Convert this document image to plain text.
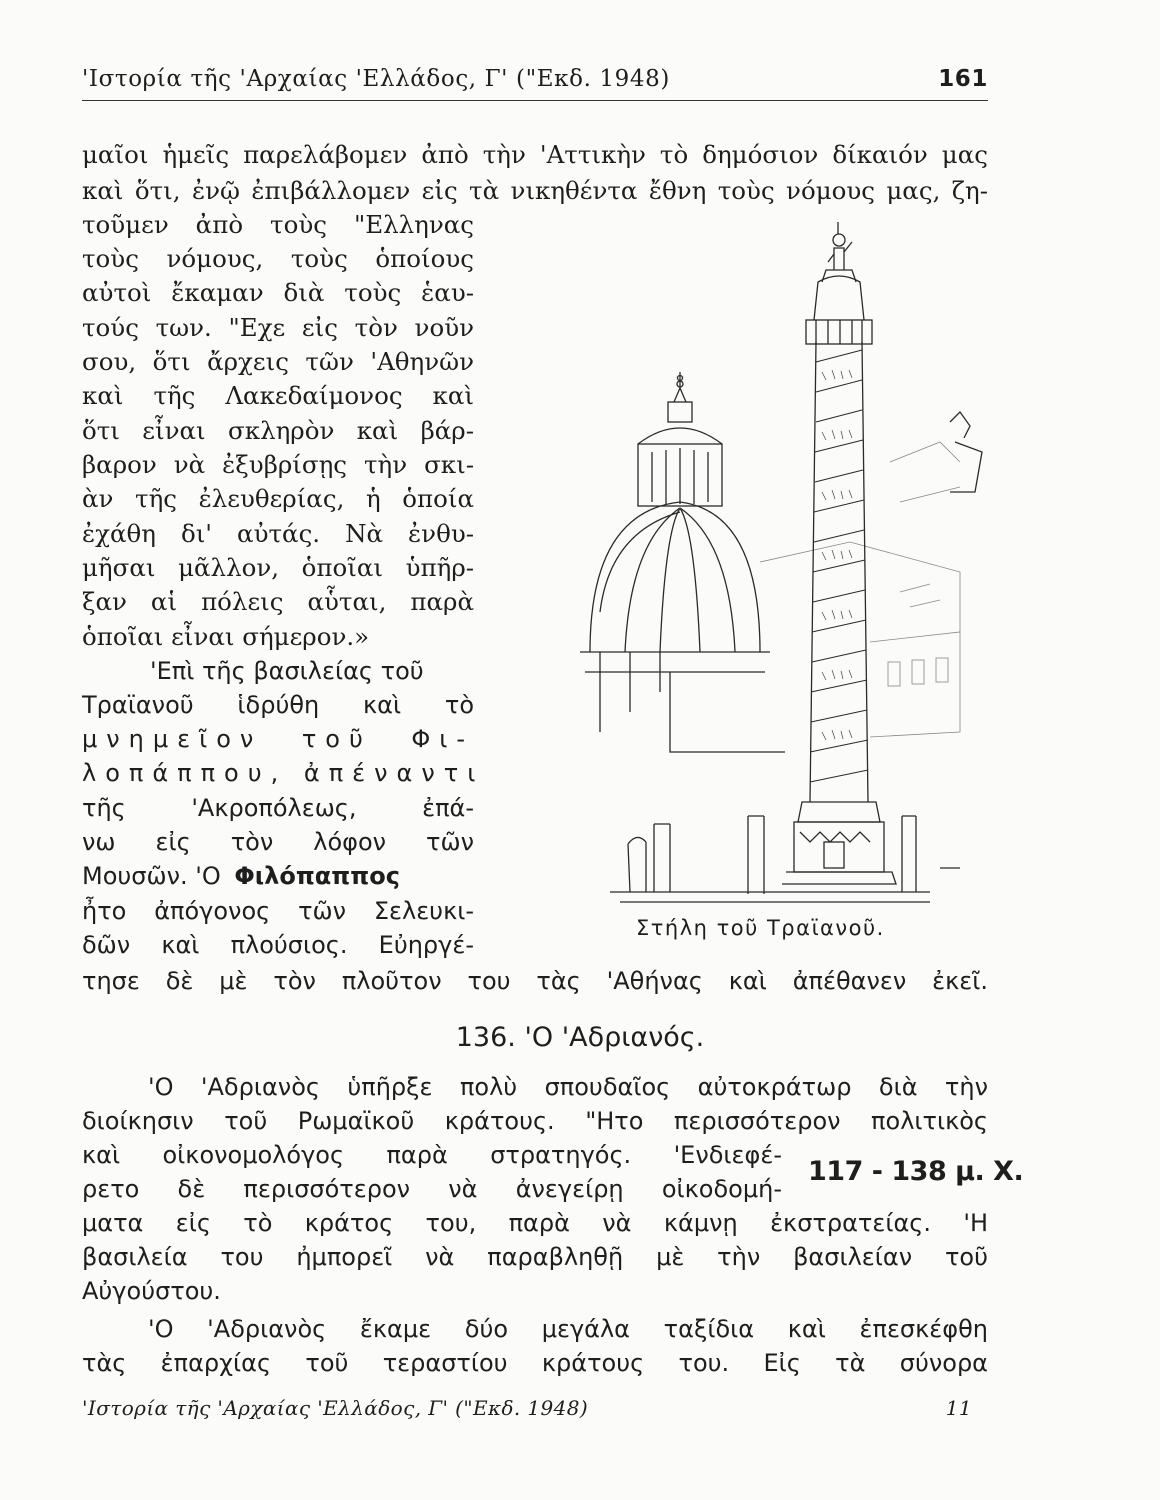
'Ιστορία τῆς 'Αρχαίας 'Ελλάδος, Γ' ("Εκδ. 1948)	161
μαῖοι ἡμεῖς παρελάβομεν ἀπὸ τὴν 'Αττικὴν τὸ δημόσιον δίκαιόν μας
καὶ ὅτι, ἐνῷ ἐπιβάλλομεν εἰς τὰ νικηθέντα ἔθνη τοὺς νόμους μας, ζη-
τοῦμεν ἀπὸ τοὺς "Ελληνας
τοὺς νόμους, τοὺς ὁποίους
αὐτοὶ ἔκαμαν διὰ τοὺς ἑαυ-
τούς των. "Εχε εἰς τὸν νοῦν
σου, ὅτι ἄρχεις τῶν 'Αθηνῶν
καὶ τῆς Λακεδαίμονος καὶ
ὅτι εἶναι σκληρὸν καὶ βάρ-
βαρον νὰ ἐξυβρίσῃς τὴν σκι-
ὰν τῆς ἐλευθερίας, ἡ ὁποία
ἐχάθη δι' αὐτάς. Νὰ ἐνθυ-
μῆσαι μᾶλλον, ὁποῖαι ὑπῆρ-
ξαν αἱ πόλεις αὗται, παρὰ
ὁποῖαι εἶναι σήμερον.»
'Επὶ τῆς βασιλείας τοῦ
Τραϊανοῦ ἱδρύθη καὶ τὸ
μνημεῖον τοῦ Φι-
λοπάππου, ἀπέναντι
τῆς 'Ακροπόλεως, ἐπά-
νω εἰς τὸν λόφον τῶν
Μουσῶν. 'Ο Φιλόπαππος
ἦτο ἀπόγονος τῶν Σελευκι-
δῶν καὶ πλούσιος. Εὐηργέ-
Στήλη τοῦ Τραϊανοῦ.
τησε δὲ μὲ τὸν πλοῦτον του τὰς 'Αθήνας καὶ ἀπέθανεν ἐκεῖ.
136. 'Ο 'Αδριανός.
'Ο 'Αδριανὸς ὑπῆρξε πολὺ σπουδαῖος αὐτοκράτωρ διὰ τὴν
διοίκησιν τοῦ Ρωμαϊκοῦ κράτους. "Ητο περισσότερον πολιτικὸς
καὶ οἰκονομολόγος παρὰ στρατηγός. 'Ενδιεφέ-
ρετο δὲ περισσότερον νὰ ἀνεγείρῃ οἰκοδομή-
117 - 138 μ. Χ.
ματα εἰς τὸ κράτος του, παρὰ νὰ κάμνῃ ἐκστρατείας. 'Η
βασιλεία του ἠμπορεῖ νὰ παραβληθῇ μὲ τὴν βασιλείαν τοῦ
Αὐγούστου.
'Ο 'Αδριανὸς ἔκαμε δύο μεγάλα ταξίδια καὶ ἐπεσκέφθη
τὰς ἐπαρχίας τοῦ τεραστίου κράτους του. Εἰς τὰ σύνορα
'Ιστορία τῆς 'Αρχαίας 'Ελλάδος, Γ' ("Εκδ. 1948)	11
